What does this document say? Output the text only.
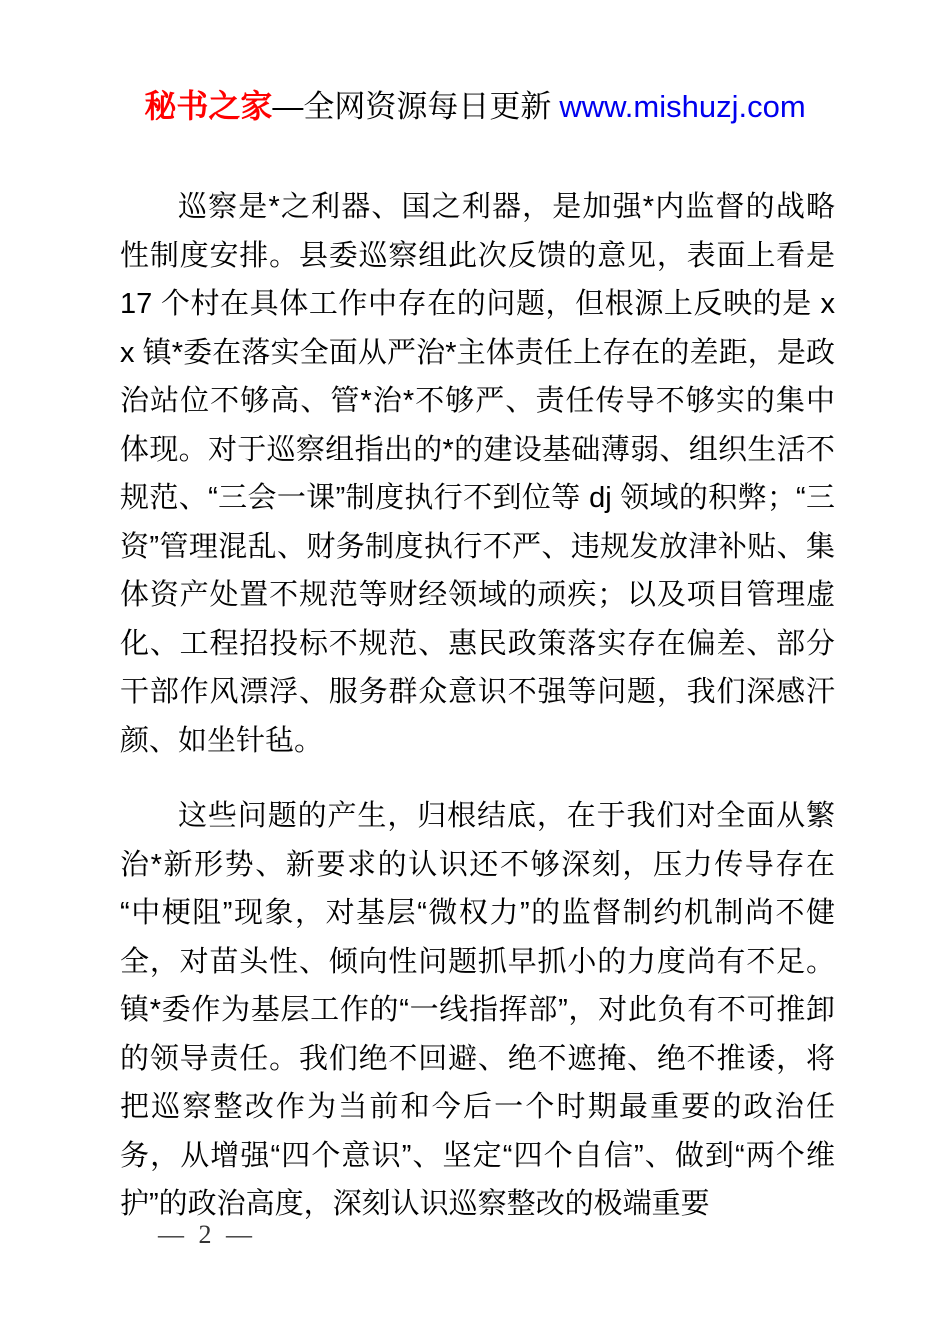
秘书之家—全网资源每日更新 www.mishuzj.com

巡察是*之利器、国之利器，是加强*内监督的战略性制度安排。县委巡察组此次反馈的意见，表面上看是 17 个村在具体工作中存在的问题，但根源上反映的是 xx 镇*委在落实全面从严治*主体责任上存在的差距，是政治站位不够高、管*治*不够严、责任传导不够实的集中体现。对于巡察组指出的*的建设基础薄弱、组织生活不规范、“三会一课”制度执行不到位等 dj 领域的积弊；“三资”管理混乱、财务制度执行不严、违规发放津补贴、集体资产处置不规范等财经领域的顽疾；以及项目管理虚化、工程招投标不规范、惠民政策落实存在偏差、部分干部作风漂浮、服务群众意识不强等问题，我们深感汗颜、如坐针毡。

这些问题的产生，归根结底，在于我们对全面从繁治*新形势、新要求的认识还不够深刻，压力传导存在“中梗阻”现象，对基层“微权力”的监督制约机制尚不健全，对苗头性、倾向性问题抓早抓小的力度尚有不足。镇*委作为基层工作的“一线指挥部”，对此负有不可推卸的领导责任。我们绝不回避、绝不遮掩、绝不推诿，将把巡察整改作为当前和今后一个时期最重要的政治任务，从增强“四个意识”、坚定“四个自信”、做到“两个维护”的政治高度，深刻认识巡察整改的极端重要

— 2 —
